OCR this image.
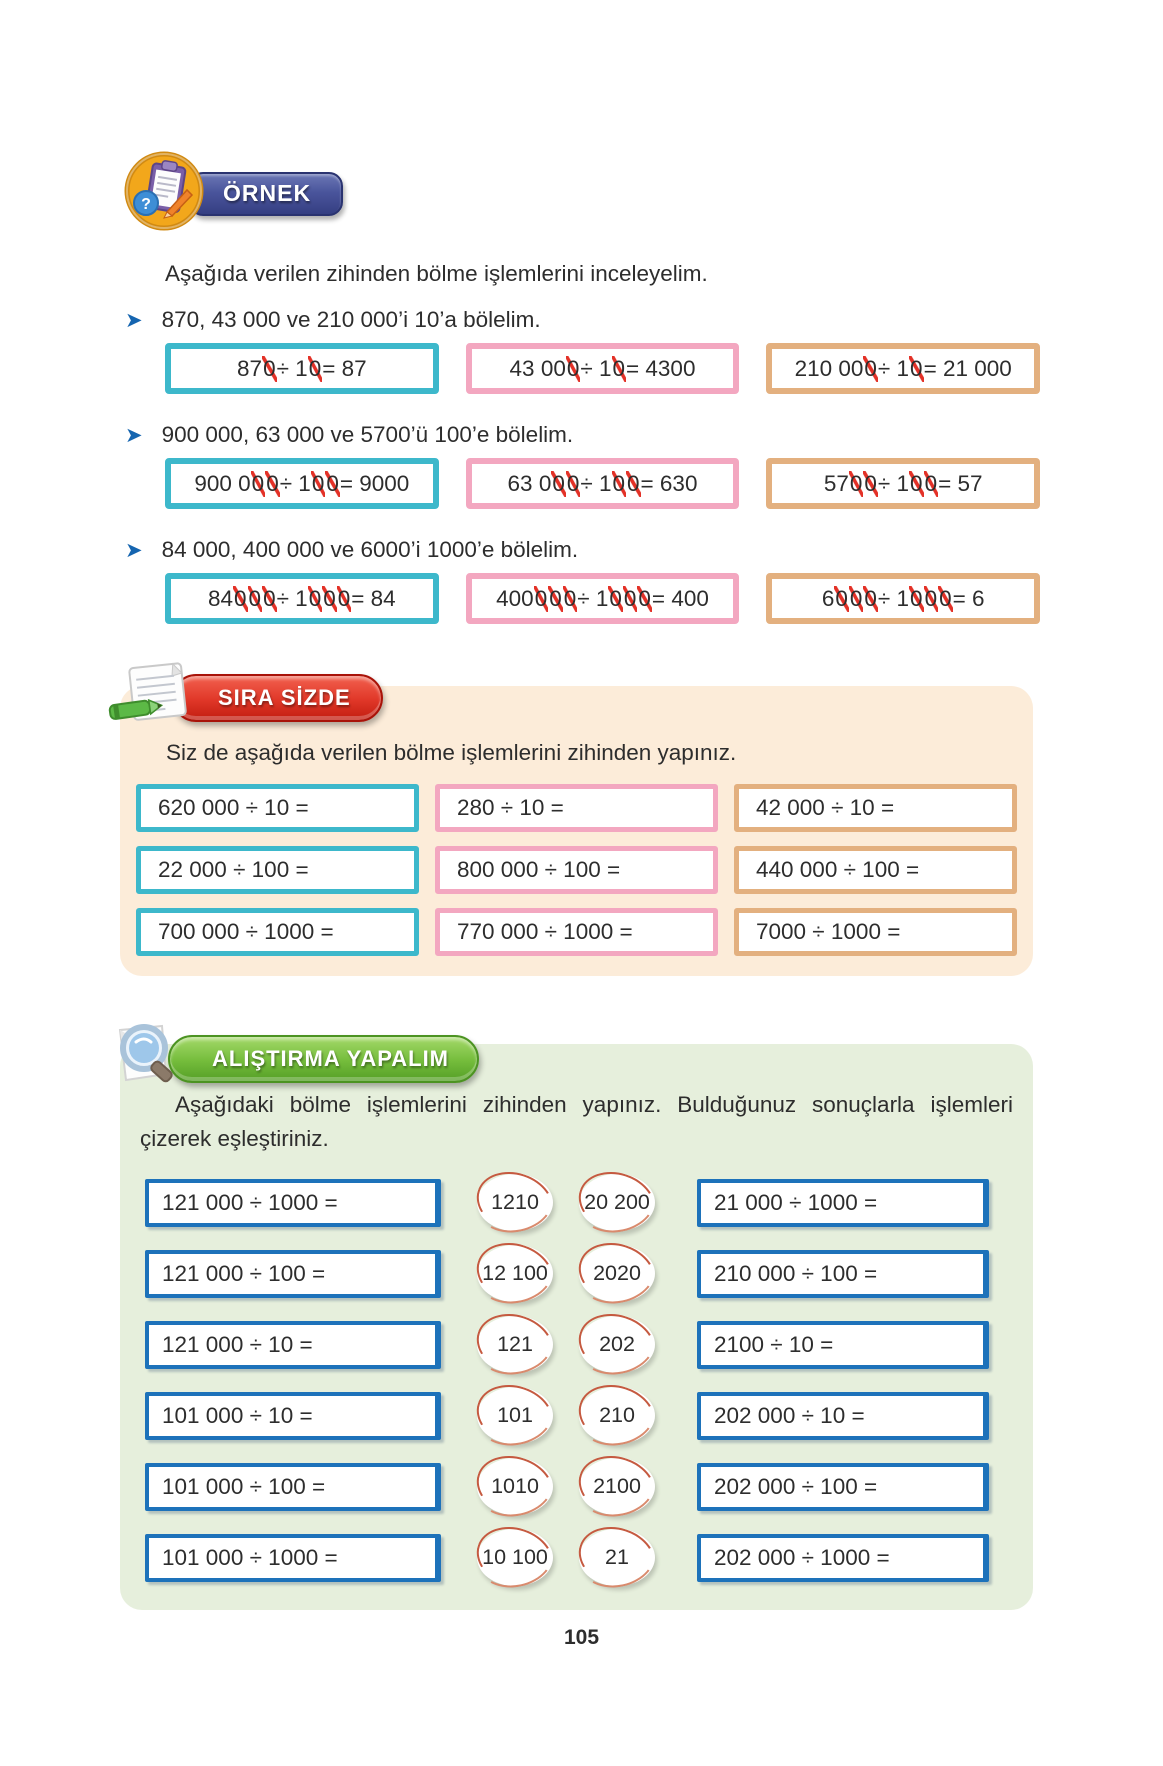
?	ÖRNEK

Aşağıda verilen zihinden bölme işlemlerini inceleyelim.

➤ 870, 43 000 ve 210 000’i 10’a bölelim.
87 0 ÷ 1 0 = 87	43 00 0 ÷ 1 0 = 4300	210 00 0 ÷ 1 0 = 21 000
➤ 900 000, 63 000 ve 5700’ü 100’e bölelim.
900 0 0 0 ÷ 1 0 0 = 9000	63 0 0 0 ÷ 1 0 0 = 630	57 0 0 ÷ 1 0 0 = 57
➤ 84 000, 400 000 ve 6000’i 1000’e bölelim.
84 0 0 0 ÷ 1 0 0 0 = 84	400 0 0 0 ÷ 1 0 0 0 = 400	6 0 0 0 ÷ 1 0 0 0 = 6
SIRA SİZDE

Siz de aşağıda verilen bölme işlemlerini zihinden yapınız.

620 000 ÷ 10 =	280 ÷ 10 =	42 000 ÷ 10 =
22 000 ÷ 100 =	800 000 ÷ 100 =	440 000 ÷ 100 =
700 000 ÷ 1000 =	770 000 ÷ 1000 =	7000 ÷ 1000 =
ALIŞTIRMA YAPALIM

Aşağıdaki bölme işlemlerini zihinden yapınız. Bulduğunuz sonuçlarla işlemleri çizerek eşleştiriniz.

121 000 ÷ 1000 =	1210	20 200	21 000 ÷ 1000 =
121 000 ÷ 100 =	12 100	2020	210 000 ÷ 100 =
121 000 ÷ 10 =	121	202	2100 ÷ 10 =
101 000 ÷ 10 =	101	210	202 000 ÷ 10 =
101 000 ÷ 100 =	1010	2100	202 000 ÷ 100 =
101 000 ÷ 1000 =	10 100	21	202 000 ÷ 1000 =
105
